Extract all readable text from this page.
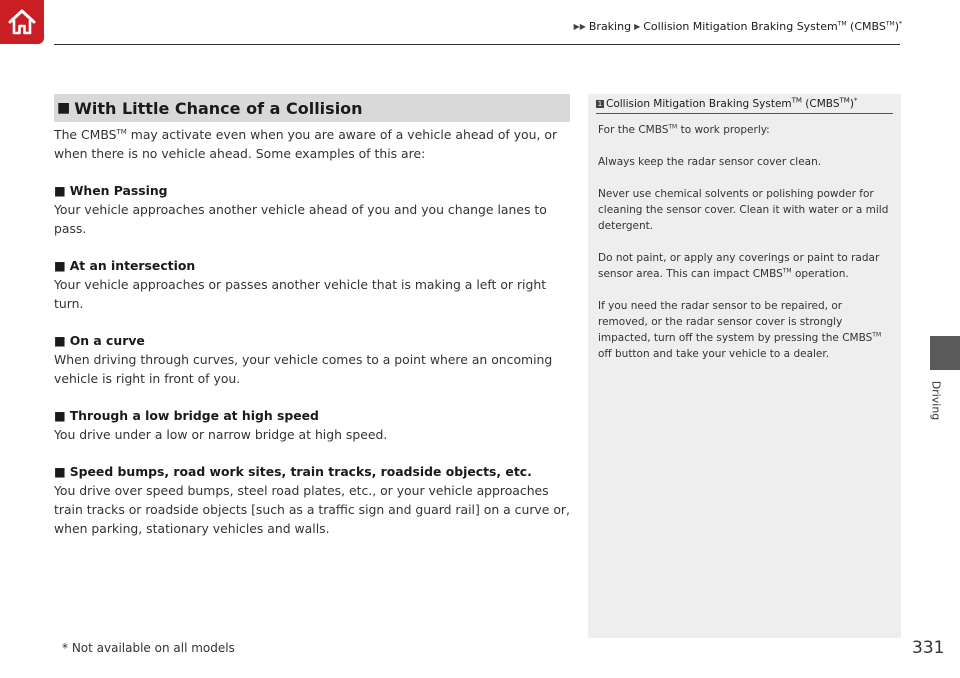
▶▶ Braking ▶ Collision Mitigation Braking System™ (CMBS™)*
Driving
■ With Little Chance of a Collision

The CMBS™ may activate even when you are aware of a vehicle ahead of you, or when there is no vehicle ahead. Some examples of this are:

■ When Passing

Your vehicle approaches another vehicle ahead of you and you change lanes to pass.

■ At an intersection

Your vehicle approaches or passes another vehicle that is making a left or right turn.

■ On a curve

When driving through curves, your vehicle comes to a point where an oncoming vehicle is right in front of you.

■ Through a low bridge at high speed

You drive under a low or narrow bridge at high speed.

■ Speed bumps, road work sites, train tracks, roadside objects, etc.

You drive over speed bumps, steel road plates, etc., or your vehicle approaches train tracks or roadside objects [such as a traffic sign and guard rail] on a curve or, when parking, stationary vehicles and walls.

1 Collision Mitigation Braking System™ (CMBS™)*

For the CMBS™ to work properly:

Always keep the radar sensor cover clean.

Never use chemical solvents or polishing powder for cleaning the sensor cover. Clean it with water or a mild detergent.

Do not paint, or apply any coverings or paint to radar sensor area. This can impact CMBS™ operation.

If you need the radar sensor to be repaired, or removed, or the radar sensor cover is strongly impacted, turn off the system by pressing the CMBS™ off button and take your vehicle to a dealer.

* Not available on all models	331
